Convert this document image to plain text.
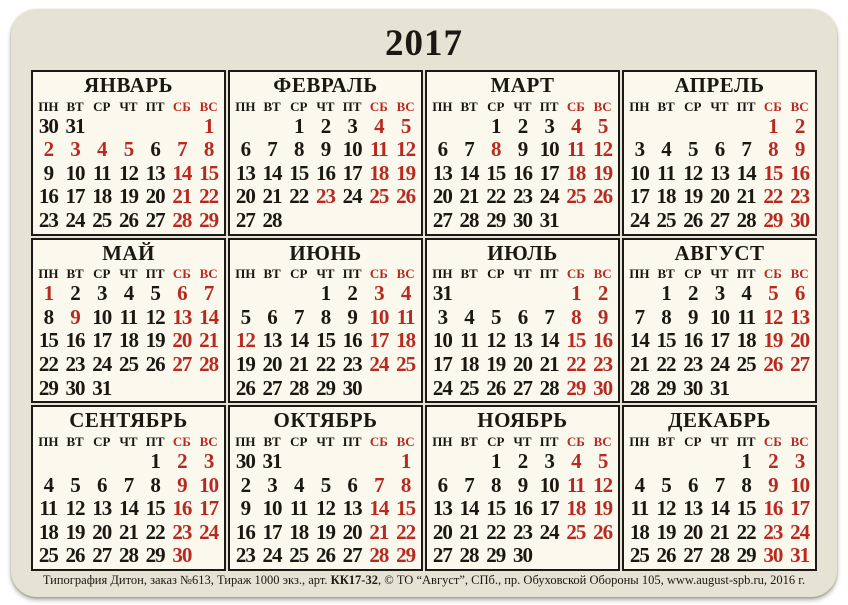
2017
ЯНВАРЬ
ПН	ВТ	СР	ЧТ	ПТ	СБ	ВС
30	31					1
2	3	4	5	6	7	8
9	10	11	12	13	14	15
16	17	18	19	20	21	22
23	24	25	26	27	28	29
ФЕВРАЛЬ
ПН	ВТ	СР	ЧТ	ПТ	СБ	ВС
		1	2	3	4	5
6	7	8	9	10	11	12
13	14	15	16	17	18	19
20	21	22	23	24	25	26
27	28					
МАРТ
ПН	ВТ	СР	ЧТ	ПТ	СБ	ВС
		1	2	3	4	5
6	7	8	9	10	11	12
13	14	15	16	17	18	19
20	21	22	23	24	25	26
27	28	29	30	31		
АПРЕЛЬ
ПН	ВТ	СР	ЧТ	ПТ	СБ	ВС
					1	2
3	4	5	6	7	8	9
10	11	12	13	14	15	16
17	18	19	20	21	22	23
24	25	26	27	28	29	30
МАЙ
ПН	ВТ	СР	ЧТ	ПТ	СБ	ВС
1	2	3	4	5	6	7
8	9	10	11	12	13	14
15	16	17	18	19	20	21
22	23	24	25	26	27	28
29	30	31				
ИЮНЬ
ПН	ВТ	СР	ЧТ	ПТ	СБ	ВС
			1	2	3	4
5	6	7	8	9	10	11
12	13	14	15	16	17	18
19	20	21	22	23	24	25
26	27	28	29	30		
ИЮЛЬ
ПН	ВТ	СР	ЧТ	ПТ	СБ	ВС
31					1	2
3	4	5	6	7	8	9
10	11	12	13	14	15	16
17	18	19	20	21	22	23
24	25	26	27	28	29	30
АВГУСТ
ПН	ВТ	СР	ЧТ	ПТ	СБ	ВС
	1	2	3	4	5	6
7	8	9	10	11	12	13
14	15	16	17	18	19	20
21	22	23	24	25	26	27
28	29	30	31			
СЕНТЯБРЬ
ПН	ВТ	СР	ЧТ	ПТ	СБ	ВС
				1	2	3
4	5	6	7	8	9	10
11	12	13	14	15	16	17
18	19	20	21	22	23	24
25	26	27	28	29	30	
ОКТЯБРЬ
ПН	ВТ	СР	ЧТ	ПТ	СБ	ВС
30	31					1
2	3	4	5	6	7	8
9	10	11	12	13	14	15
16	17	18	19	20	21	22
23	24	25	26	27	28	29
НОЯБРЬ
ПН	ВТ	СР	ЧТ	ПТ	СБ	ВС
		1	2	3	4	5
6	7	8	9	10	11	12
13	14	15	16	17	18	19
20	21	22	23	24	25	26
27	28	29	30			
ДЕКАБРЬ
ПН	ВТ	СР	ЧТ	ПТ	СБ	ВС
				1	2	3
4	5	6	7	8	9	10
11	12	13	14	15	16	17
18	19	20	21	22	23	24
25	26	27	28	29	30	31
Типография Дитон, заказ №613, Тираж 1000 экз., арт. КК17-32, © ТО “Август”, СПб., пр. Обуховской Обороны 105, www.august-spb.ru, 2016 г.
